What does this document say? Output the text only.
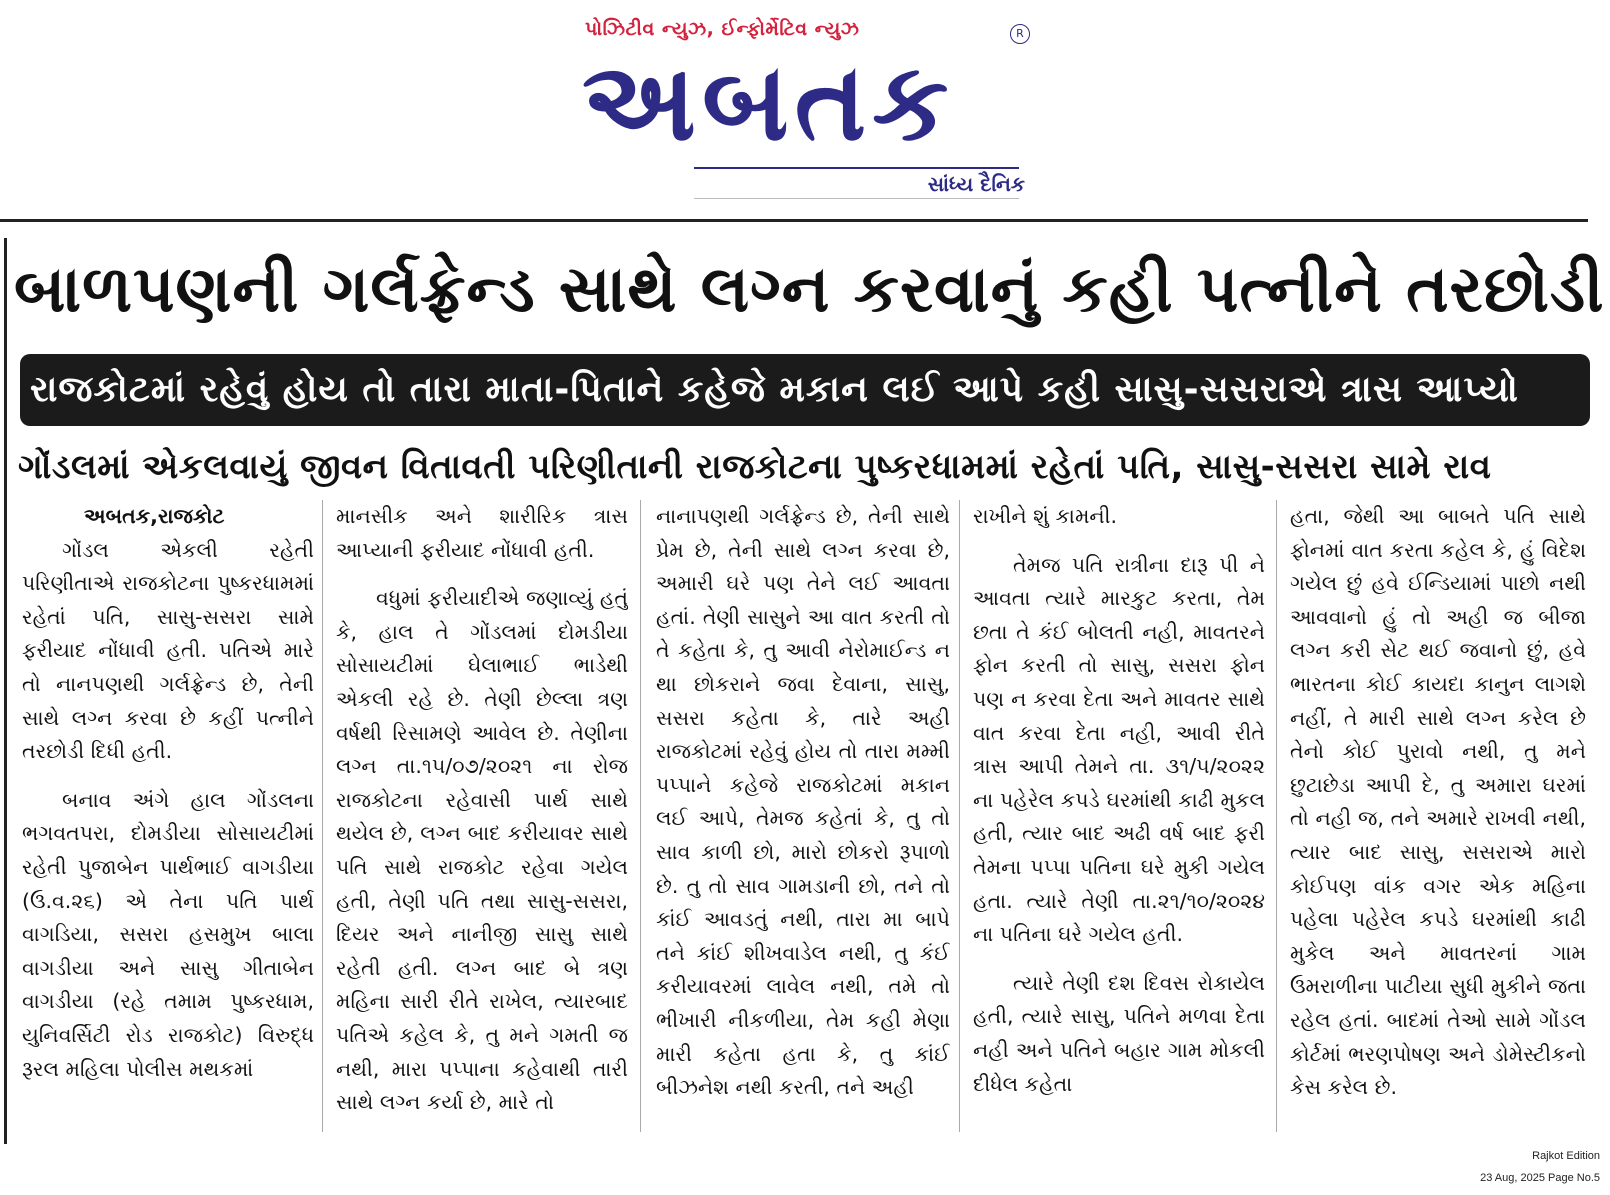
પોઝિટીવ ન્યુઝ, ઈન્ફોર્મેટિવ ન્યુઝ
અબતક
R
સાંધ્ય દૈનિક
બાળપણની ગર્લફ્રેન્ડ સાથે લગ્ન કરવાનું કહી પત્નીને તરછોડી
રાજકોટમાં રહેવું હોય તો તારા માતા-પિતાને કહેજે મકાન લઈ આપે કહી સાસુ-સસરાએ ત્રાસ આપ્યો
ગોંડલમાં એકલવાયું જીવન વિતાવતી પરિણીતાની રાજકોટના પુષ્કરધામમાં રહેતાં પતિ, સાસુ-સસરા સામે રાવ
અબતક,રાજકોટ

ગોંડલ એકલી રહેતી પરિણીતાએ રાજકોટના પુષ્કરધામમાં રહેતાં પતિ, સાસુ-સસરા સામે ફરીયાદ નોંધાવી હતી. પતિએ મારે તો નાનપણથી ગર્લફ્રેન્ડ છે, તેની સાથે લગ્ન કરવા છે કહીં પત્નીને તરછોડી દિધી હતી.

બનાવ અંગે હાલ ગોંડલના ભગવતપરા, દોમડીયા સોસાયટીમાં રહેતી પુજાબેન પાર્થભાઈ વાગડીયા (ઉ.વ.૨૬) એ તેના પતિ પાર્થ વાગડિયા, સસરા હસમુખ બાલા વાગડીયા અને સાસુ ગીતાબેન વાગડીયા (રહે તમામ પુષ્કરધામ, યુનિવર્સિટી રોડ રાજકોટ) વિરુદ્ધ રૂરલ મહિલા પોલીસ મથકમાં

માનસીક અને શારીરિક ત્રાસ આપ્યાની ફરીયાદ નોંધાવી હતી.

વધુમાં ફરીયાદીએ જણાવ્યું હતું કે, હાલ તે ગોંડલમાં દોમડીયા સોસાયટીમાં ઘેલાભાઈ ભાડેથી એકલી રહે છે. તેણી છેલ્લા ત્રણ વર્ષથી રિસામણે આવેલ છે. તેણીના લગ્ન તા.૧૫/૦૭/૨૦૨૧ ના રોજ રાજકોટના રહેવાસી પાર્થ સાથે થયેલ છે, લગ્ન બાદ કરીયાવર સાથે પતિ સાથે રાજકોટ રહેવા ગયેલ હતી, તેણી પતિ તથા સાસુ-સસરા, દિયર અને નાનીજી સાસુ સાથે રહેતી હતી. લગ્ન બાદ બે ત્રણ મહિના સારી રીતે રાખેલ, ત્યારબાદ પતિએ કહેલ કે, તુ મને ગમતી જ નથી, મારા પપ્પાના કહેવાથી તારી સાથે લગ્ન કર્યા છે, મારે તો

નાનાપણથી ગર્લફ્રેન્ડ છે, તેની સાથે પ્રેમ છે, તેની સાથે લગ્ન કરવા છે, અમારી ઘરે પણ તેને લઈ આવતા હતાં. તેણી સાસુને આ વાત કરતી તો તે કહેતા કે, તુ આવી નેરોમાઈન્ડ ન થા છોકરાને જવા દેવાના, સાસુ, સસરા કહેતા કે, તારે અહી રાજકોટમાં રહેવું હોય તો તારા મમ્મી પપ્પાને કહેજે રાજકોટમાં મકાન લઈ આપે, તેમજ કહેતાં કે, તુ તો સાવ કાળી છો, મારો છોકરો રૂપાળો છે. તુ તો સાવ ગામડાની છો, તને તો કાંઈ આવડતું નથી, તારા મા બાપે તને કાંઈ શીખવાડેલ નથી, તુ કંઈ કરીયાવરમાં લાવેલ નથી, તમે તો ભીખારી નીકળીયા, તેમ કહી મેણા મારી કહેતા હતા કે, તુ કાંઈ બીઝનેશ નથી કરતી, તને અહી

રાખીને શું કામની.

તેમજ પતિ રાત્રીના દારૂ પી ને આવતા ત્યારે મારકુટ કરતા, તેમ છતા તે કંઈ બોલતી નહી, માવતરને ફોન કરતી તો સાસુ, સસરા ફોન પણ ન કરવા દેતા અને માવતર સાથે વાત કરવા દેતા નહી, આવી રીતે ત્રાસ આપી તેમને તા. ૩૧/૫/૨૦૨૨ ના પહેરેલ કપડે ઘરમાંથી કાઢી મુકલ હતી, ત્યાર બાદ અઢી વર્ષ બાદ ફરી તેમના પપ્પા પતિના ઘરે મુકી ગયેલ હતા. ત્યારે તેણી તા.૨૧/૧૦/૨૦૨૪ ના પતિના ઘરે ગયેલ હતી.

ત્યારે તેણી દશ દિવસ રોકાયેલ હતી, ત્યારે સાસુ, પતિને મળવા દેતા નહી અને પતિને બહાર ગામ મોકલી દીધેલ કહેતા

હતા, જેથી આ બાબતે પતિ સાથે ફોનમાં વાત કરતા કહેલ કે, હું વિદેશ ગયેલ છું હવે ઈન્ડિયામાં પાછો નથી આવવાનો હું તો અહી જ બીજા લગ્ન કરી સેટ થઈ જવાનો છું, હવે ભારતના કોઈ કાયદા કાનુન લાગશે નહીં, તે મારી સાથે લગ્ન કરેલ છે તેનો કોઈ પુરાવો નથી, તુ મને છુટાછેડા આપી દે, તુ અમારા ઘરમાં તો નહી જ, તને અમારે રાખવી નથી, ત્યાર બાદ સાસુ, સસરાએ મારો કોઈપણ વાંક વગર એક મહિના પહેલા પહેરેલ કપડે ઘરમાંથી કાઢી મુકેલ અને માવતરનાં ગામ ઉમરાળીના પાટીયા સુધી મુકીને જતા રહેલ હતાં. બાદમાં તેઓ સામે ગોંડલ કોર્ટમાં ભરણપોષણ અને ડોમેસ્ટીકનો કેસ કરેલ છે.

Rajkot Edition
23 Aug, 2025 Page No.5
